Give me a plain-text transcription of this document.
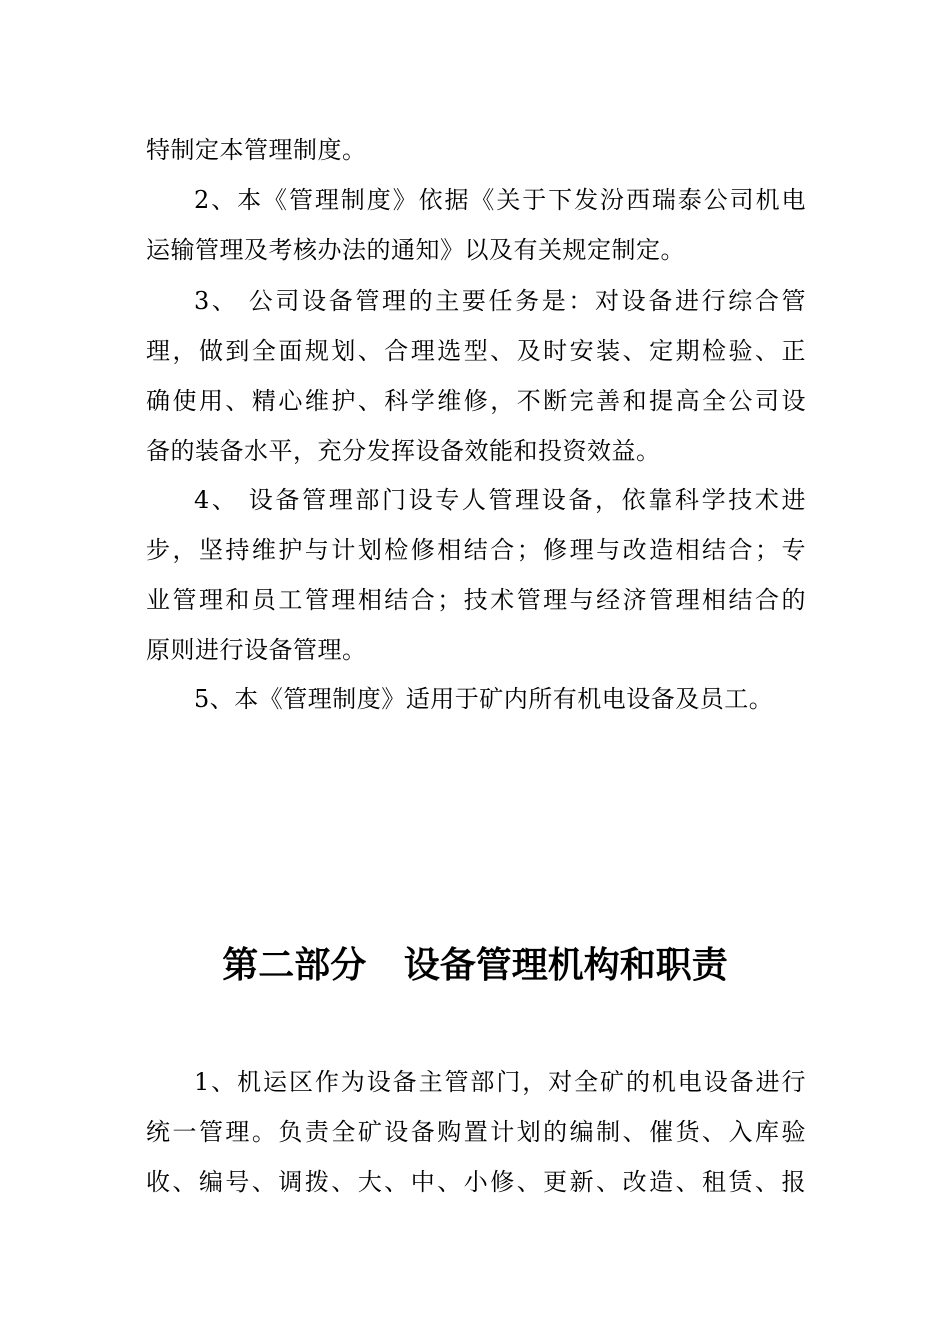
特制定本管理制度。
2、本《管理制度》依据《关于下发汾西瑞泰公司机电
运输管理及考核办法的通知》以及有关规定制定。
3、 公司设备管理的主要任务是：对设备进行综合管
理，做到全面规划、合理选型、及时安装、定期检验、正
确使用、精心维护、科学维修，不断完善和提高全公司设
备的装备水平，充分发挥设备效能和投资效益。
4、 设备管理部门设专人管理设备，依靠科学技术进
步，坚持维护与计划检修相结合；修理与改造相结合；专
业管理和员工管理相结合；技术管理与经济管理相结合的
原则进行设备管理。
5、本《管理制度》适用于矿内所有机电设备及员工。
第二部分   设备管理机构和职责
1、机运区作为设备主管部门，对全矿的机电设备进行
统一管理。负责全矿设备购置计划的编制、催货、入库验
收、编号、调拨、大、中、小修、更新、改造、租赁、报
